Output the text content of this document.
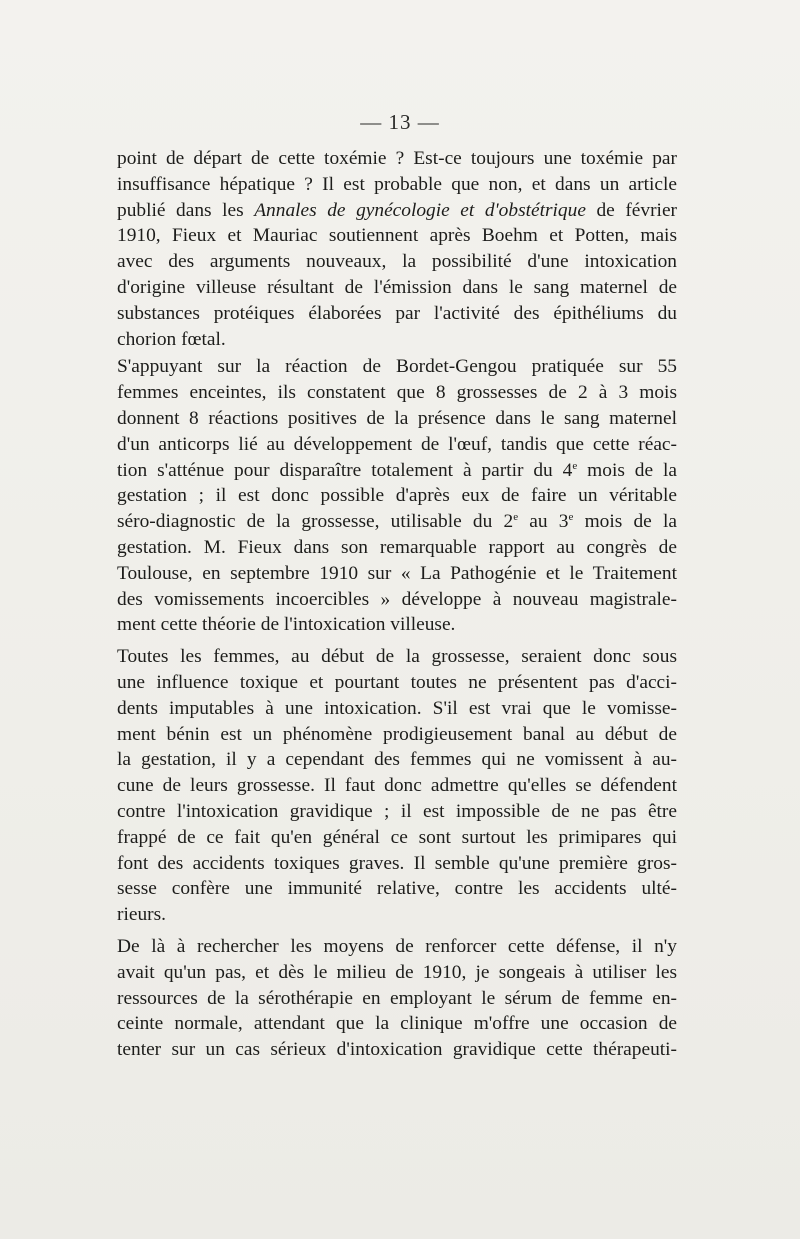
— 13 —

point de départ de cette toxémie ? Est-ce toujours une toxémie par
insuffisance hépatique ? Il est probable que non, et dans un article
publié dans les Annales de gynécologie et d'obstétrique de février
1910, Fieux et Mauriac soutiennent après Boehm et Potten, mais
avec des arguments nouveaux, la possibilité d'une intoxication
d'origine villeuse résultant de l'émission dans le sang maternel de
substances protéiques élaborées par l'activité des épithéliums du
chorion fœtal.

S'appuyant sur la réaction de Bordet-Gengou pratiquée sur 55
femmes enceintes, ils constatent que 8 grossesses de 2 à 3 mois
donnent 8 réactions positives de la présence dans le sang maternel
d'un anticorps lié au développement de l'œuf, tandis que cette réac-
tion s'atténue pour disparaître totalement à partir du 4e mois de la
gestation ; il est donc possible d'après eux de faire un véritable
séro-diagnostic de la grossesse, utilisable du 2e au 3e mois de la
gestation. M. Fieux dans son remarquable rapport au congrès de
Toulouse, en septembre 1910 sur « La Pathogénie et le Traitement
des vomissements incoercibles » développe à nouveau magistrale-
ment cette théorie de l'intoxication villeuse.

Toutes les femmes, au début de la grossesse, seraient donc sous
une influence toxique et pourtant toutes ne présentent pas d'acci-
dents imputables à une intoxication. S'il est vrai que le vomisse-
ment bénin est un phénomène prodigieusement banal au début de
la gestation, il y a cependant des femmes qui ne vomissent à au-
cune de leurs grossesse. Il faut donc admettre qu'elles se défendent
contre l'intoxication gravidique ; il est impossible de ne pas être
frappé de ce fait qu'en général ce sont surtout les primipares qui
font des accidents toxiques graves. Il semble qu'une première gros-
sesse confère une immunité relative, contre les accidents ulté-
rieurs.

De là à rechercher les moyens de renforcer cette défense, il n'y
avait qu'un pas, et dès le milieu de 1910, je songeais à utiliser les
ressources de la sérothérapie en employant le sérum de femme en-
ceinte normale, attendant que la clinique m'offre une occasion de
tenter sur un cas sérieux d'intoxication gravidique cette thérapeuti-
